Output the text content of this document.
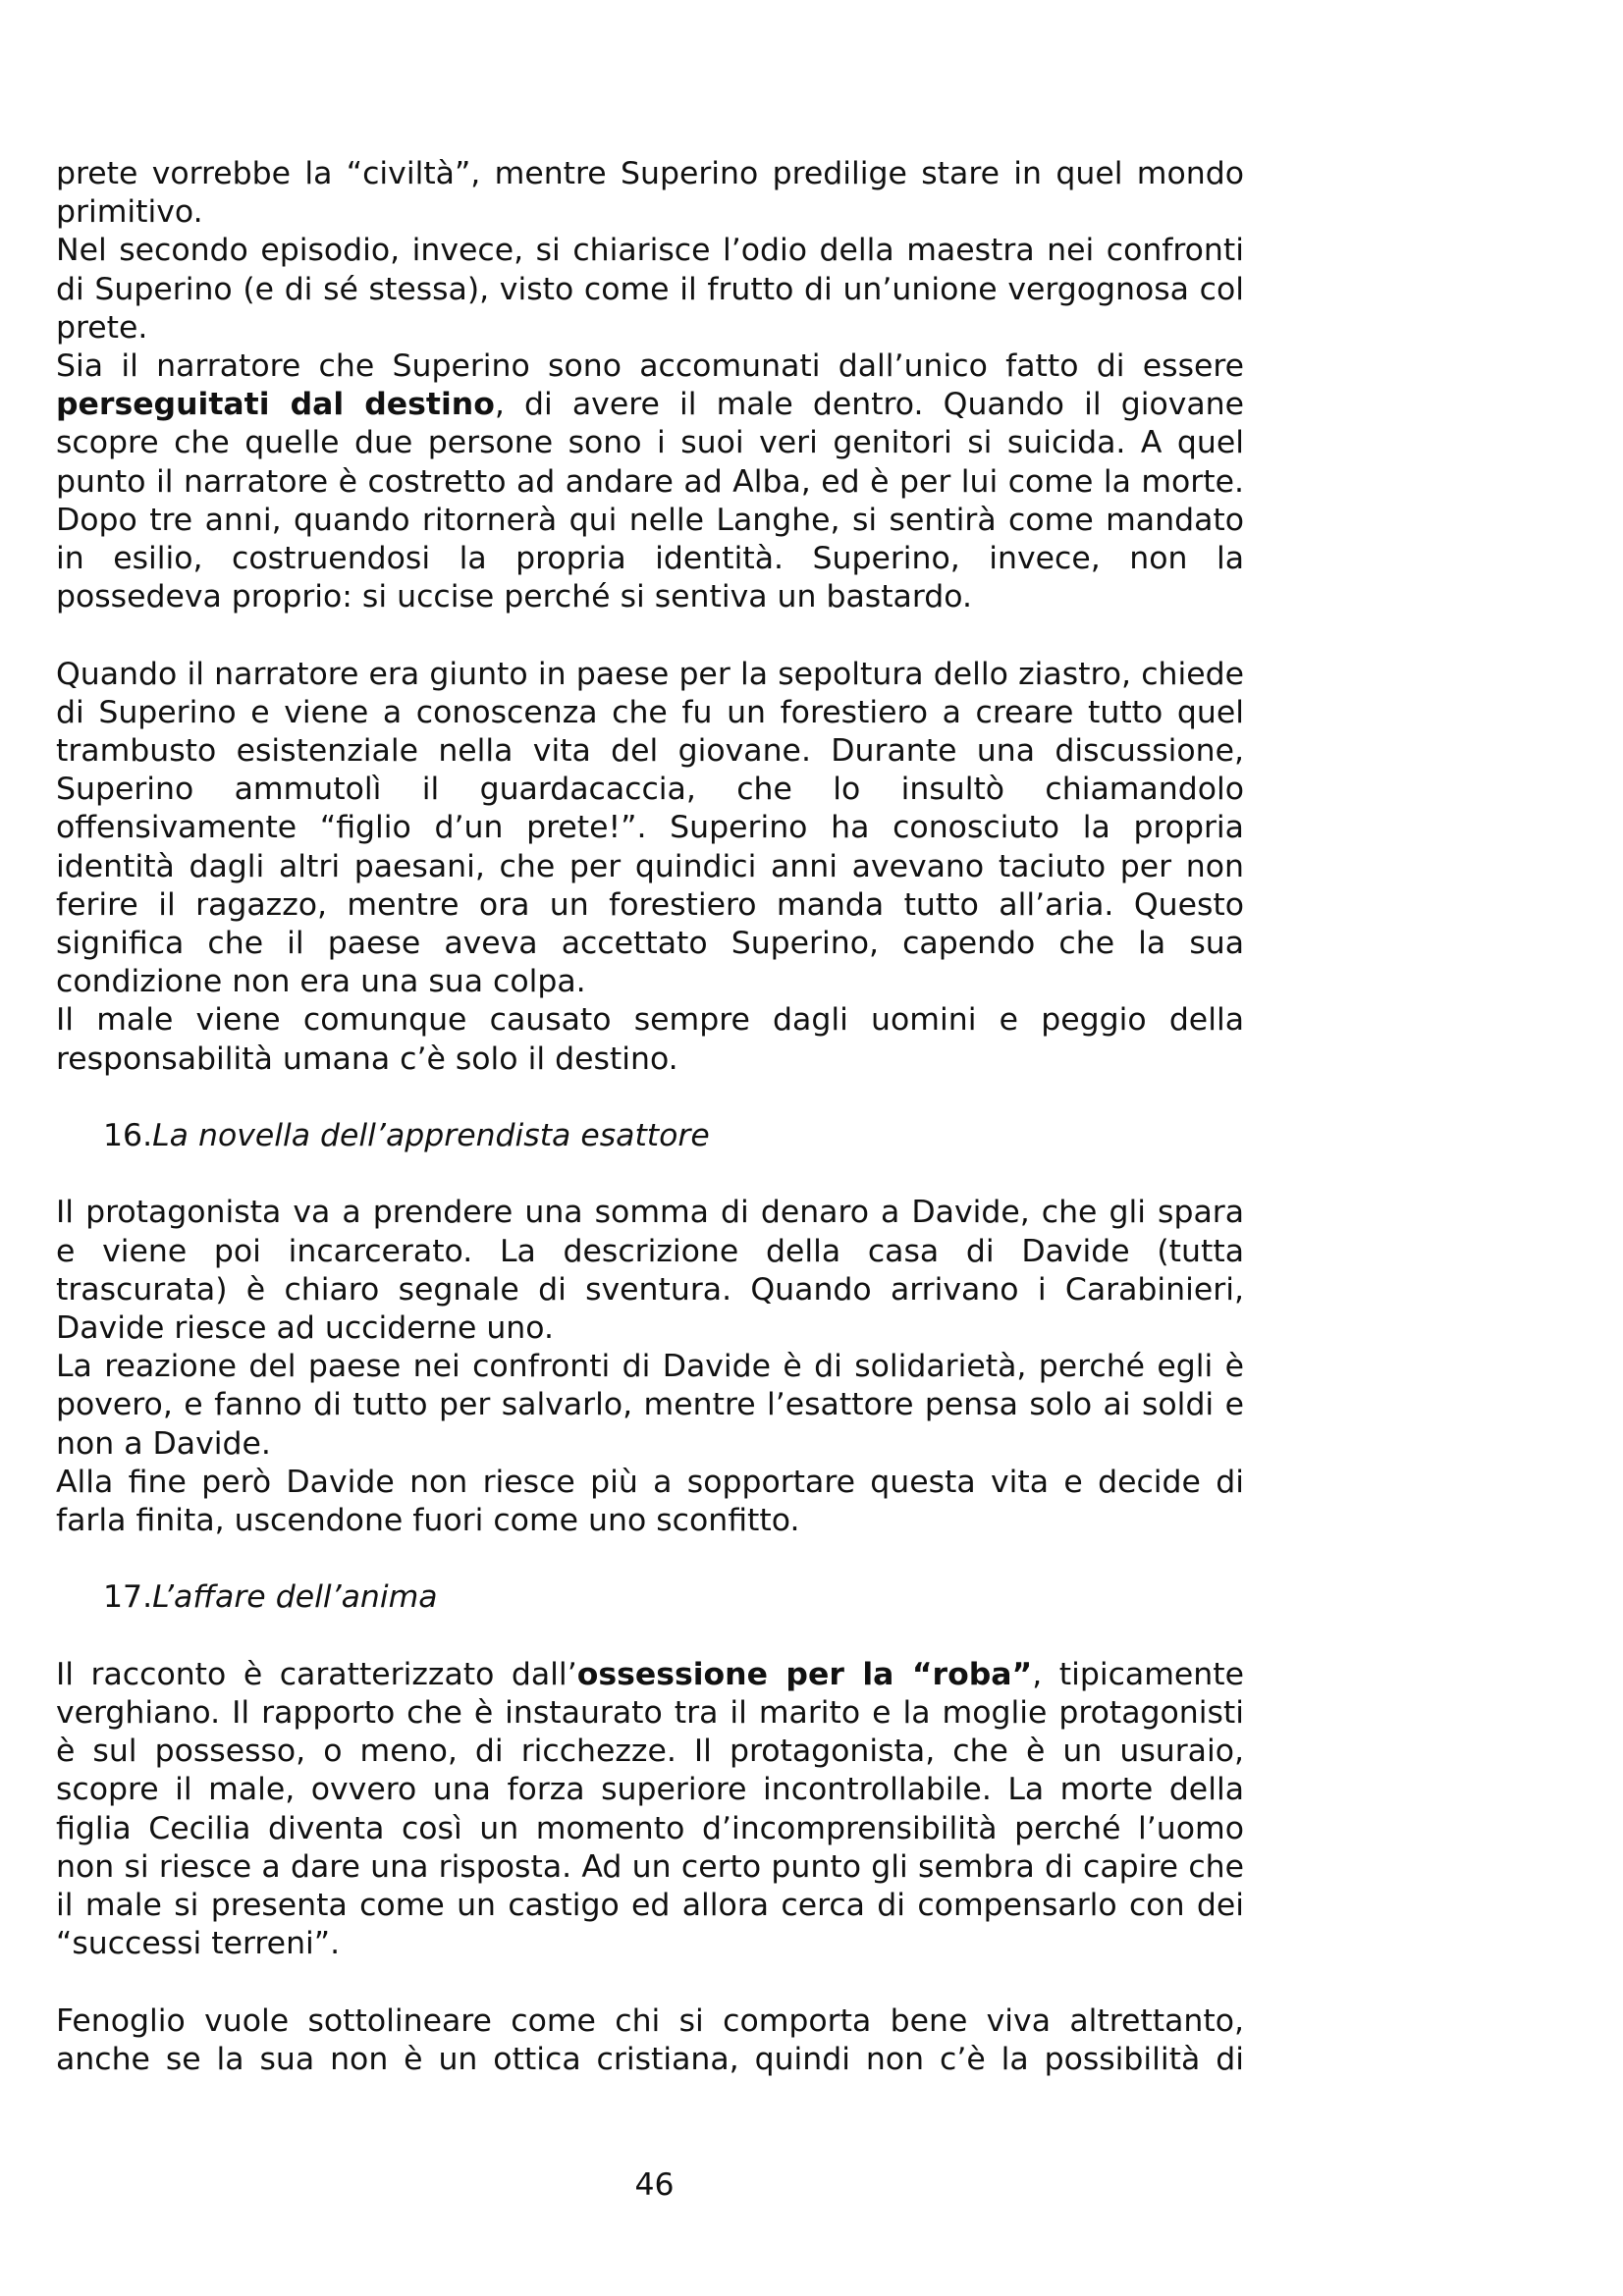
prete vorrebbe la “civiltà”, mentre Superino predilige stare in quel mondo primitivo.

Nel secondo episodio, invece, si chiarisce l’odio della maestra nei confronti di Superino (e di sé stessa), visto come il frutto di un’unione vergognosa col prete.

Sia il narratore che Superino sono accomunati dall’unico fatto di essere perseguitati dal destino, di avere il male dentro. Quando il giovane scopre che quelle due persone sono i suoi veri genitori si suicida. A quel punto il narratore è costretto ad andare ad Alba, ed è per lui come la morte. Dopo tre anni, quando ritornerà qui nelle Langhe, si sentirà come mandato in esilio, costruendosi la propria identità. Superino, invece, non la possedeva proprio: si uccise perché si sentiva un bastardo.

Quando il narratore era giunto in paese per la sepoltura dello ziastro, chiede di Superino e viene a conoscenza che fu un forestiero a creare tutto quel trambusto esistenziale nella vita del giovane. Durante una discussione, Superino ammutolì il guardacaccia, che lo insultò chiamandolo offensivamente “figlio d’un prete!”. Superino ha conosciuto la propria identità dagli altri paesani, che per quindici anni avevano taciuto per non ferire il ragazzo, mentre ora un forestiero manda tutto all’aria. Questo significa che il paese aveva accettato Superino, capendo che la sua condizione non era una sua colpa.

Il male viene comunque causato sempre dagli uomini e peggio della responsabilità umana c’è solo il destino.

16.La novella dell’apprendista esattore

Il protagonista va a prendere una somma di denaro a Davide, che gli spara e viene poi incarcerato. La descrizione della casa di Davide (tutta trascurata) è chiaro segnale di sventura. Quando arrivano i Carabinieri, Davide riesce ad ucciderne uno.

La reazione del paese nei confronti di Davide è di solidarietà, perché egli è povero, e fanno di tutto per salvarlo, mentre l’esattore pensa solo ai soldi e non a Davide.

Alla fine però Davide non riesce più a sopportare questa vita e decide di farla finita, uscendone fuori come uno sconfitto.

17.L’affare dell’anima

Il racconto è caratterizzato dall’ossessione per la “roba”, tipicamente verghiano. Il rapporto che è instaurato tra il marito e la moglie protagonisti è sul possesso, o meno, di ricchezze. Il protagonista, che è un usuraio, scopre il male, ovvero una forza superiore incontrollabile. La morte della figlia Cecilia diventa così un momento d’incomprensibilità perché l’uomo non si riesce a dare una risposta. Ad un certo punto gli sembra di capire che il male si presenta come un castigo ed allora cerca di compensarlo con dei “successi terreni”.

Fenoglio vuole sottolineare come chi si comporta bene viva altrettanto, anche se la sua non è un ottica cristiana, quindi non c’è la possibilità di

46
